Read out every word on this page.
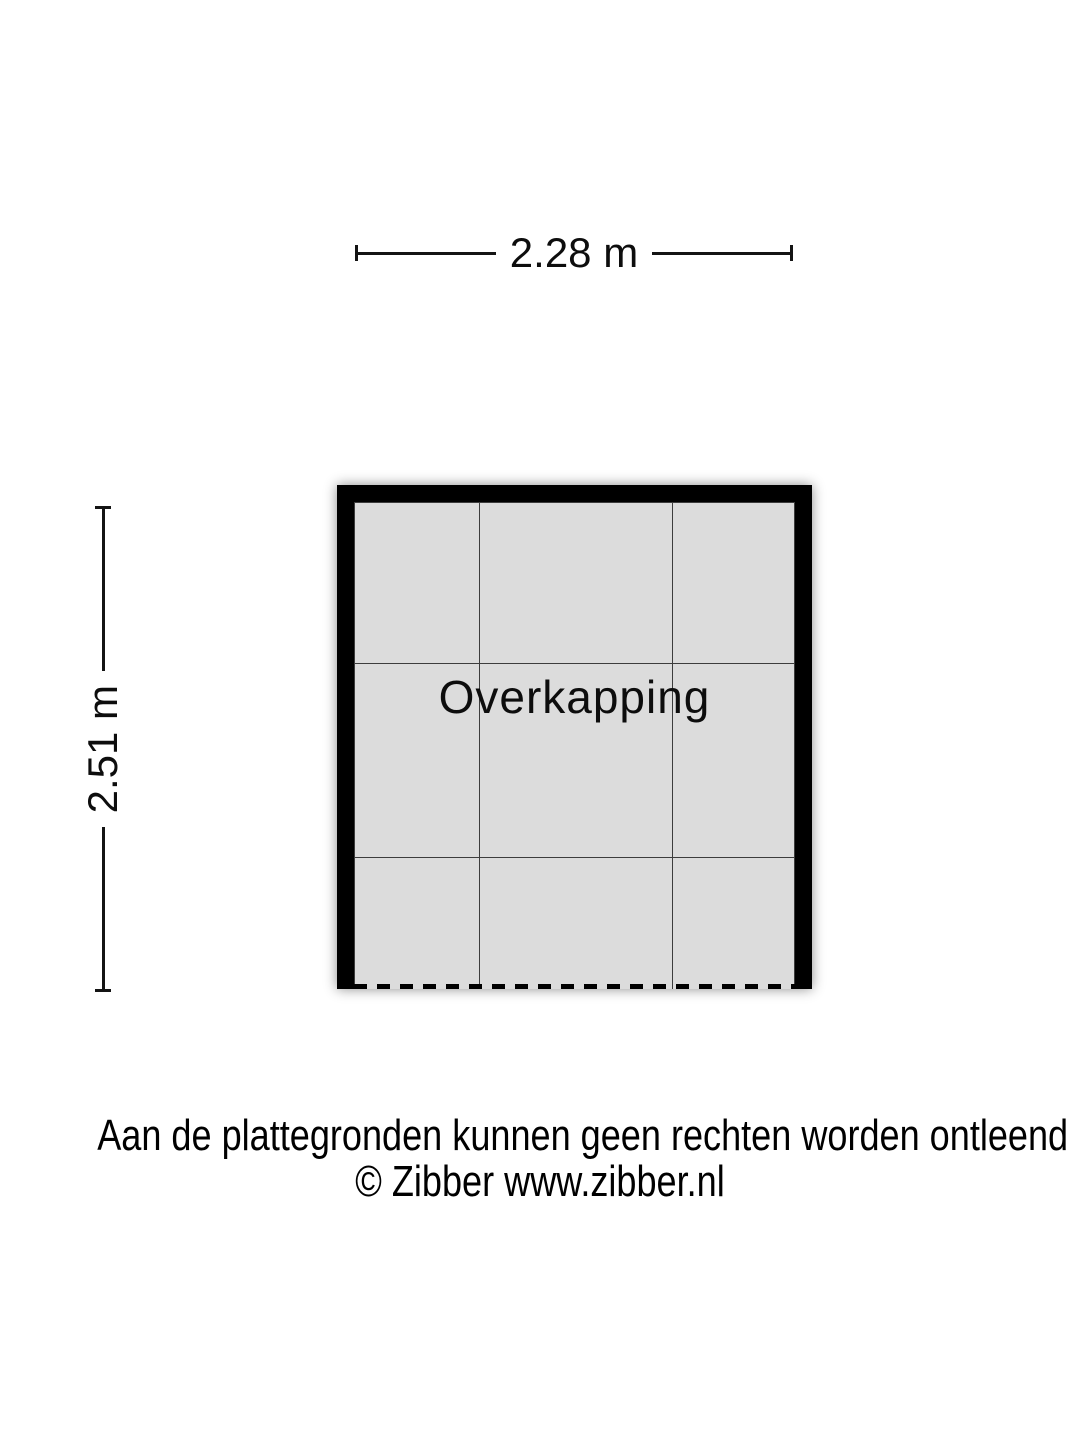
2.28 m
2.51 m	Overkapping
Aan de plattegronden kunnen geen rechten worden ontleend
© Zibber www.zibber.nl
